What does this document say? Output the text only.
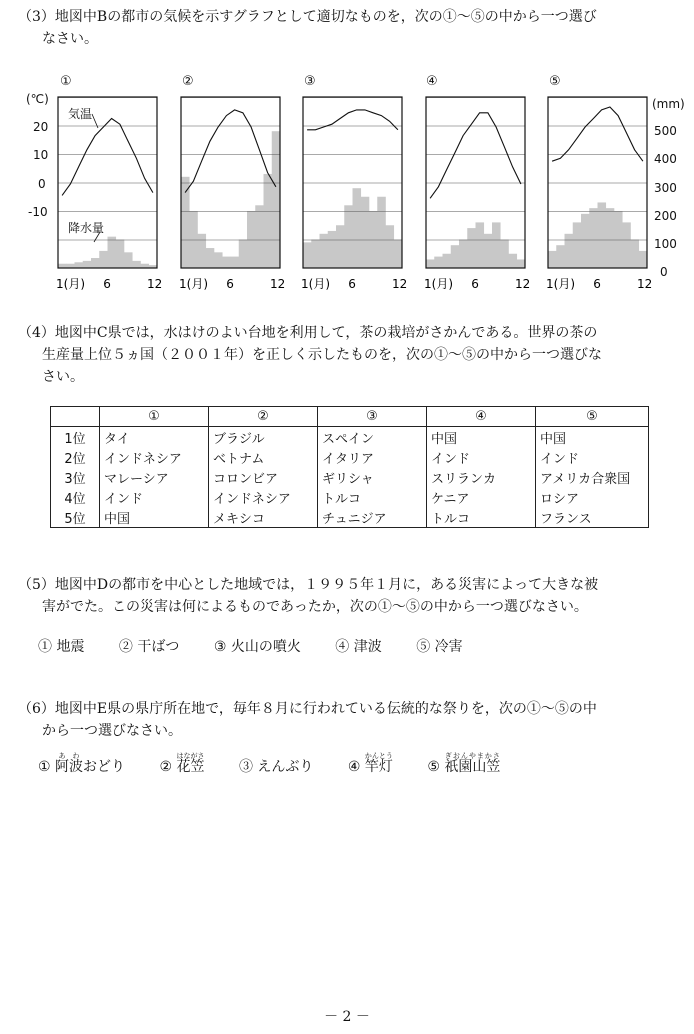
（3）地図中Bの都市の気候を示すグラフとして適切なものを，次の①～⑤の中から一つ選び
なさい。
①	②	③	④	⑤
(℃)
20
10
0
-10
(mm)
500
400
300
200
100
0
気温
降水量
1(月) 6	12 1(月) 6	12 1(月) 6	12 1(月) 6	12 1(月) 6	12
（4）地図中C県では，水はけのよい台地を利用して，茶の栽培がさかんである。世界の茶の
生産量上位５ヵ国（２００１年）を正しく示したものを，次の①～⑤の中から一つ選びな
さい。
	①	②	③	④	⑤
1位	タイ	ブラジル	スペイン	中国	中国
2位	インドネシア	ベトナム	イタリア	インド	インド
3位	マレーシア	コロンビア	ギリシャ	スリランカ	アメリカ合衆国
4位	インド	インドネシア	トルコ	ケニア	ロシア
5位	中国	メキシコ	チュニジア	トルコ	フランス
（5）地図中Dの都市を中心とした地域では，１９９５年１月に，ある災害によって大きな被
害がでた。この災害は何によるものであったか，次の①～⑤の中から一つ選びなさい。
① 地震 ② 干ばつ ③ 火山の噴火 ④ 津波 ⑤ 冷害
（6）地図中E県の県庁所在地で，毎年８月に行われている伝統的な祭りを，次の①～⑤の中
から一つ選びなさい。
① 阿波あわおどり ② 花笠はながさ ③ えんぶり ④ 竿灯かんとう ⑤ 祇園山笠ぎおんやまかさ
－ 2 －
